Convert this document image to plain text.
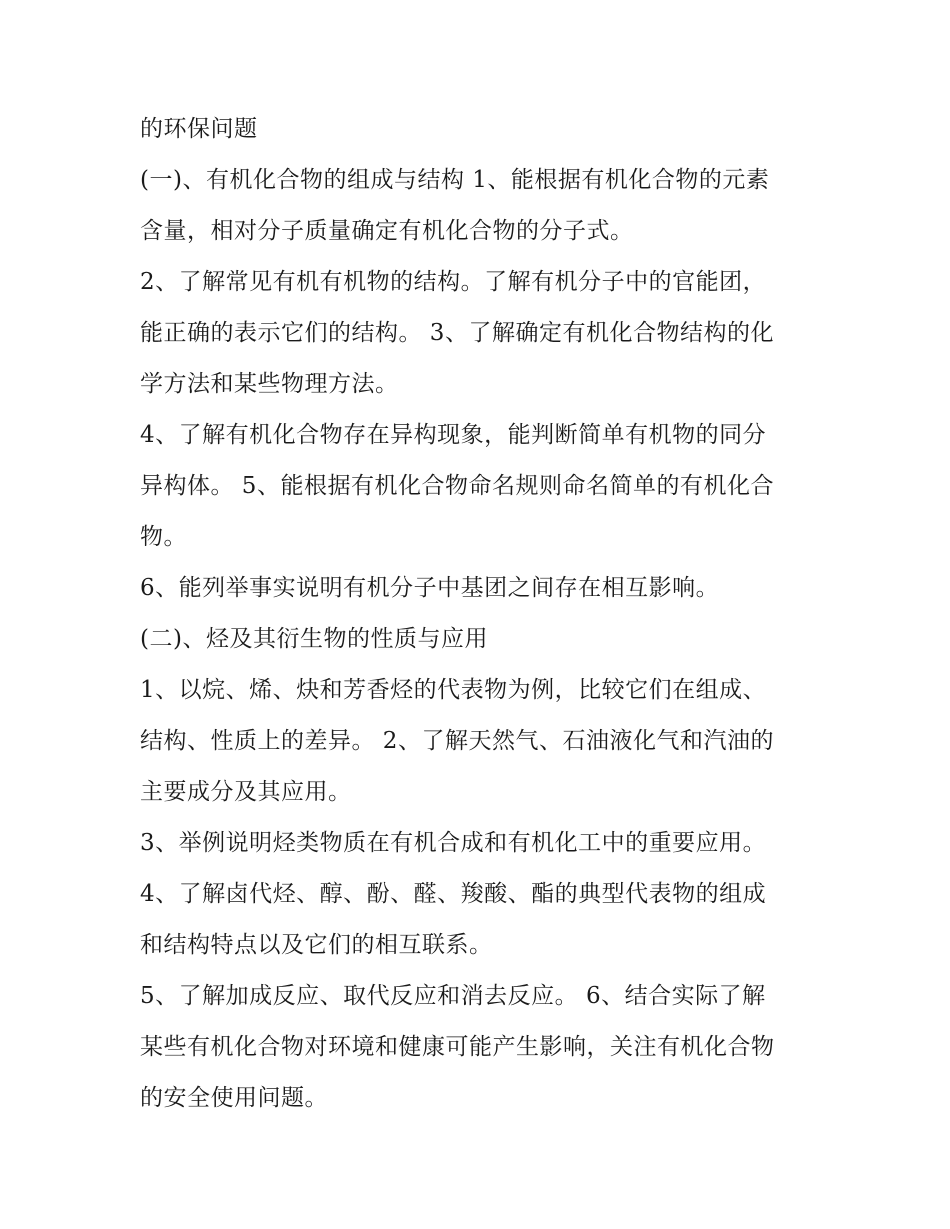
的环保问题
(一)、有机化合物的组成与结构 1、能根据有机化合物的元素
含量，相对分子质量确定有机化合物的分子式。
2、了解常见有机有机物的结构。了解有机分子中的官能团，
能正确的表示它们的结构。 3、了解确定有机化合物结构的化
学方法和某些物理方法。
4、了解有机化合物存在异构现象，能判断简单有机物的同分
异构体。 5、能根据有机化合物命名规则命名简单的有机化合
物。
6、能列举事实说明有机分子中基团之间存在相互影响。
(二)、烃及其衍生物的性质与应用
1、以烷、烯、炔和芳香烃的代表物为例，比较它们在组成、
结构、性质上的差异。 2、了解天然气、石油液化气和汽油的
主要成分及其应用。
3、举例说明烃类物质在有机合成和有机化工中的重要应用。
4、了解卤代烃、醇、酚、醛、羧酸、酯的典型代表物的组成
和结构特点以及它们的相互联系。
5、了解加成反应、取代反应和消去反应。 6、结合实际了解
某些有机化合物对环境和健康可能产生影响，关注有机化合物
的安全使用问题。
